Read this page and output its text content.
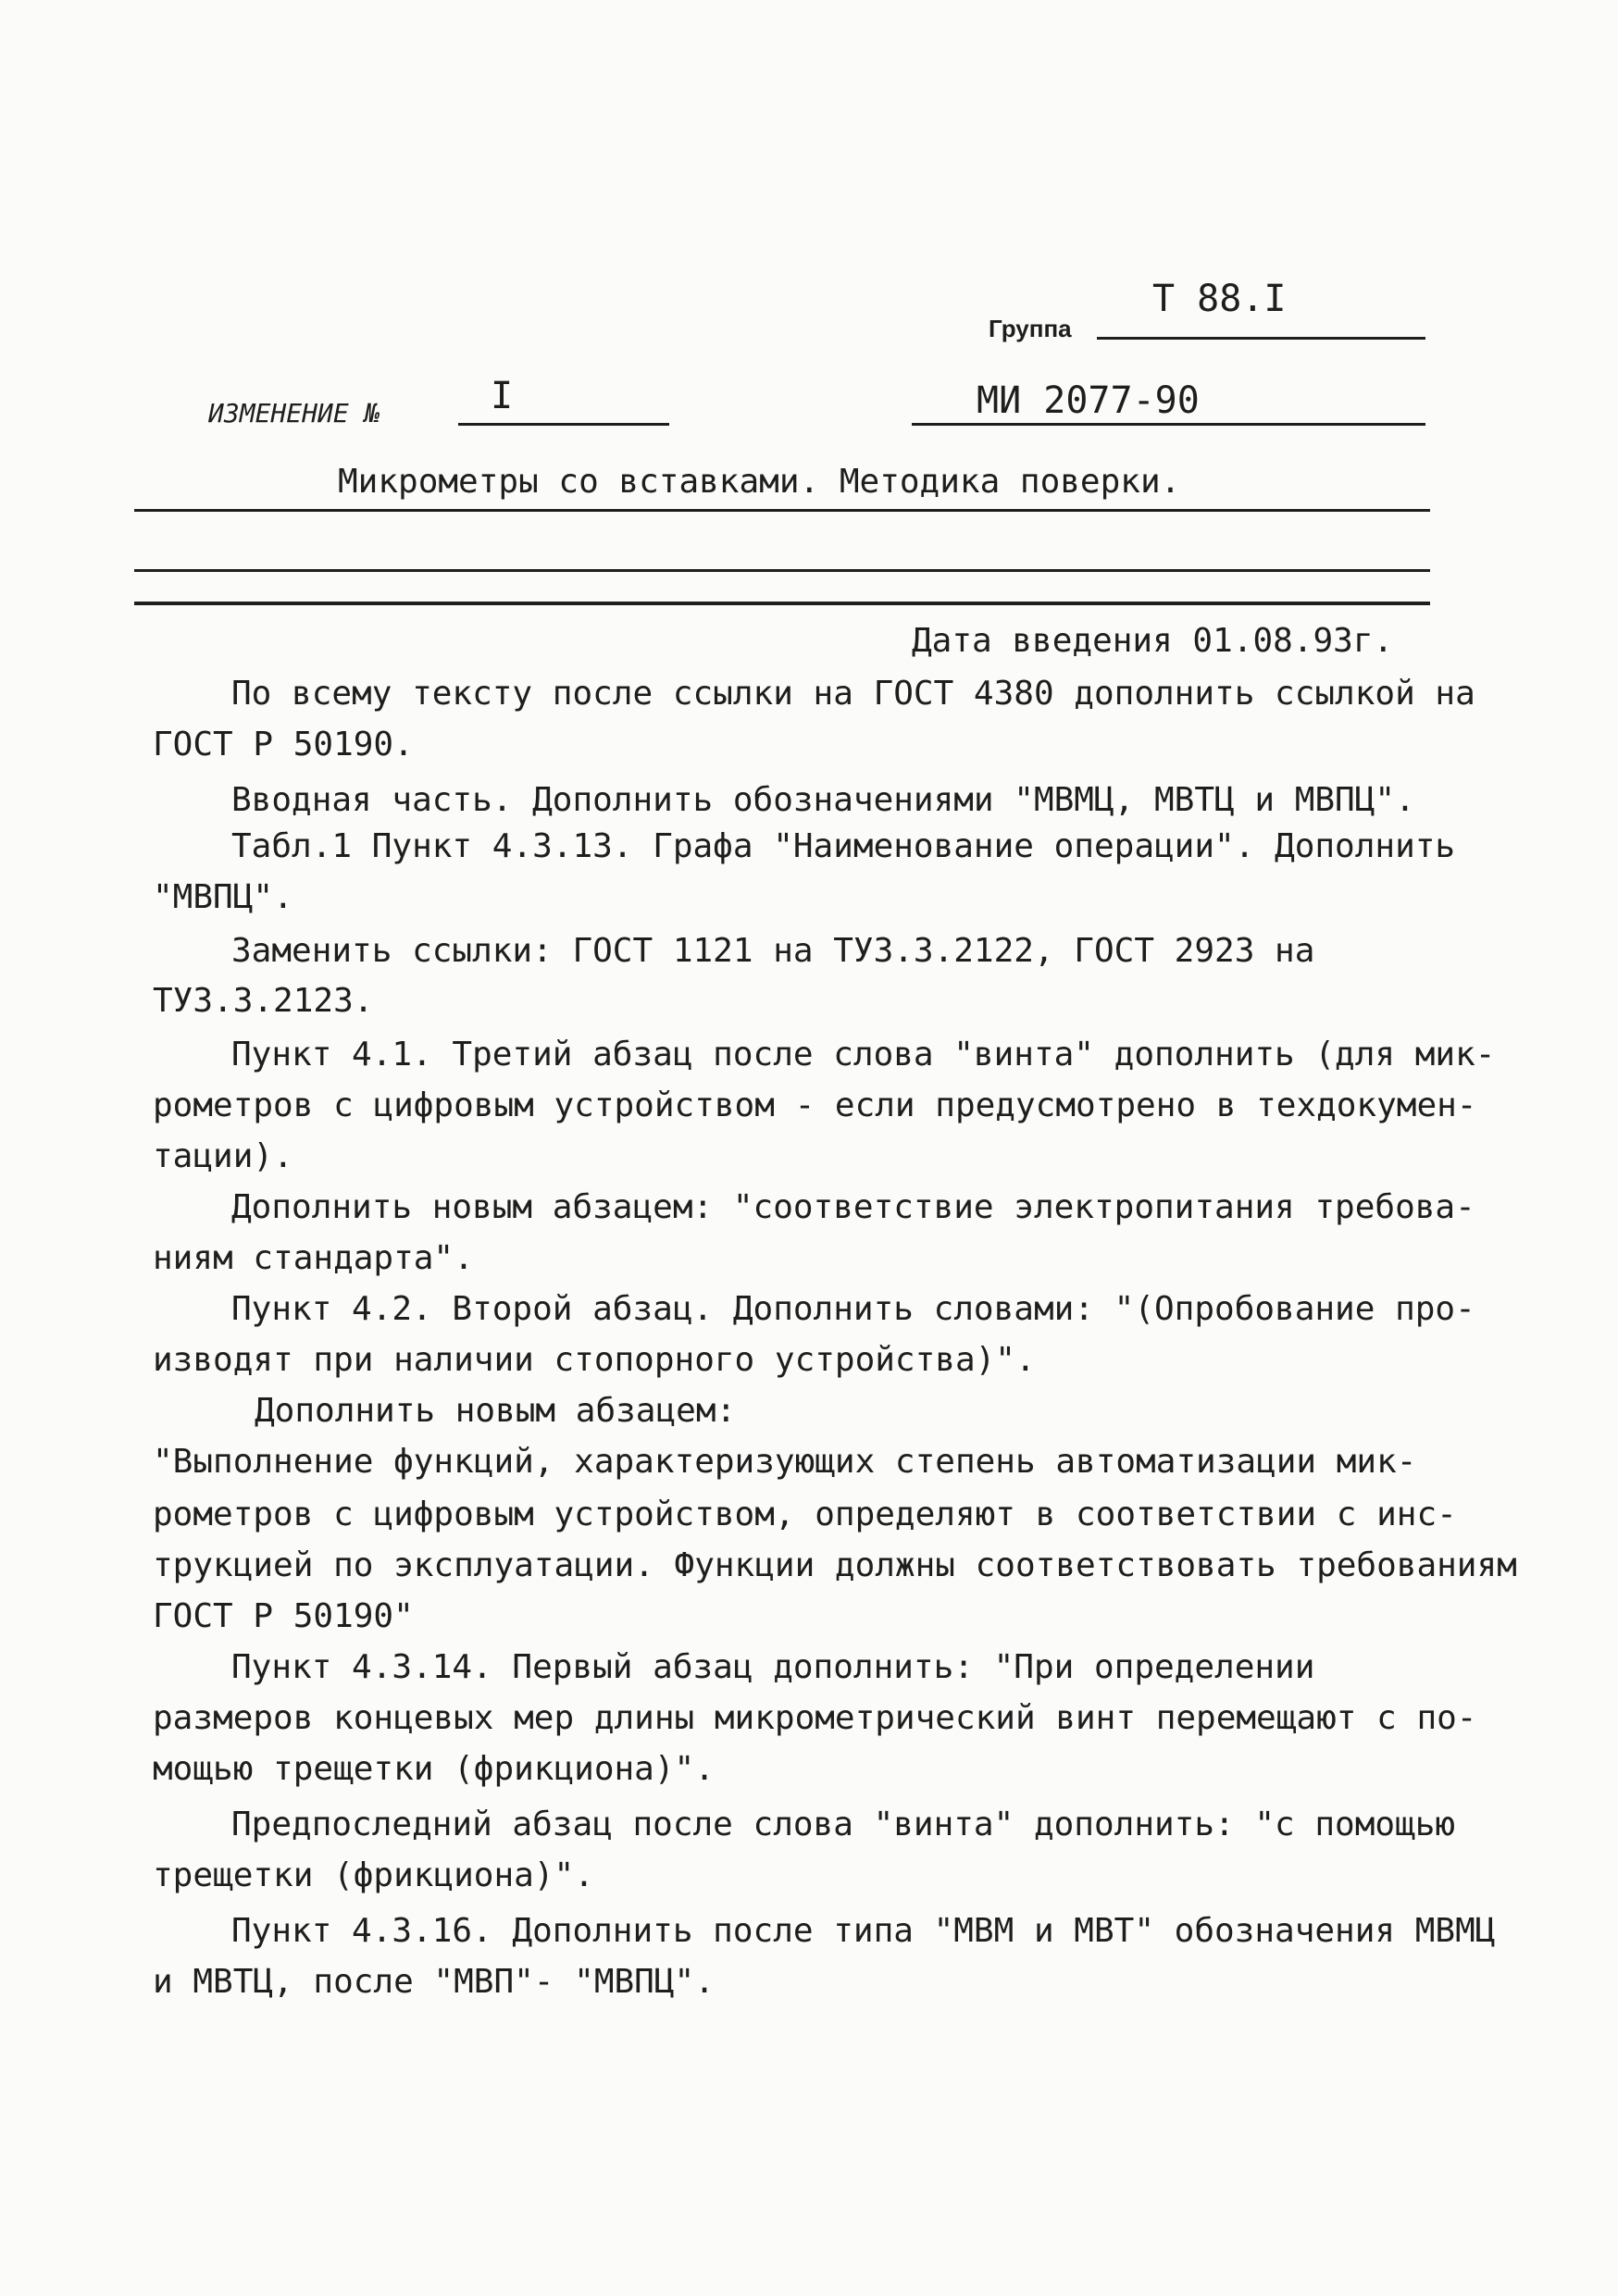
Группа
Т 88.I
ИЗМЕНЕНИЕ №	I	МИ 2077-90
Микрометры со вставками. Методика поверки.
Дата введения 01.08.93г.
По всему тексту после ссылки на ГОСТ 4380 дополнить ссылкой на
ГОСТ Р 50190.
Вводная часть. Дополнить обозначениями "МВМЦ, МВТЦ и МВПЦ".
Табл.1 Пункт 4.3.13. Графа "Наименование операции". Дополнить
"МВПЦ".
Заменить ссылки: ГОСТ 1121 на ТУЗ.3.2122, ГОСТ 2923 на
ТУЗ.3.2123.
Пункт 4.1. Третий абзац после слова "винта" дополнить (для мик-
рометров с цифровым устройством - если предусмотрено в техдокумен-
тации).
Дополнить новым абзацем: "соответствие электропитания требова-
ниям стандарта".
Пункт 4.2. Второй абзац. Дополнить словами: "(Опробование про-
изводят при наличии стопорного устройства)".
Дополнить новым абзацем:
"Выполнение функций, характеризующих степень автоматизации мик-
рометров с цифровым устройством, определяют в соответствии с инс-
трукцией по эксплуатации. Функции должны соответствовать требованиям
ГОСТ Р 50190"
Пункт 4.3.14. Первый абзац дополнить: "При определении
размеров концевых мер длины микрометрический винт перемещают с по-
мощью трещетки (фрикциона)".
Предпоследний абзац после слова "винта" дополнить: "с помощью
трещетки (фрикциона)".
Пункт 4.3.16. Дополнить после типа "МВМ и МВТ" обозначения МВМЦ
и МВТЦ, после "МВП"- "МВПЦ".
